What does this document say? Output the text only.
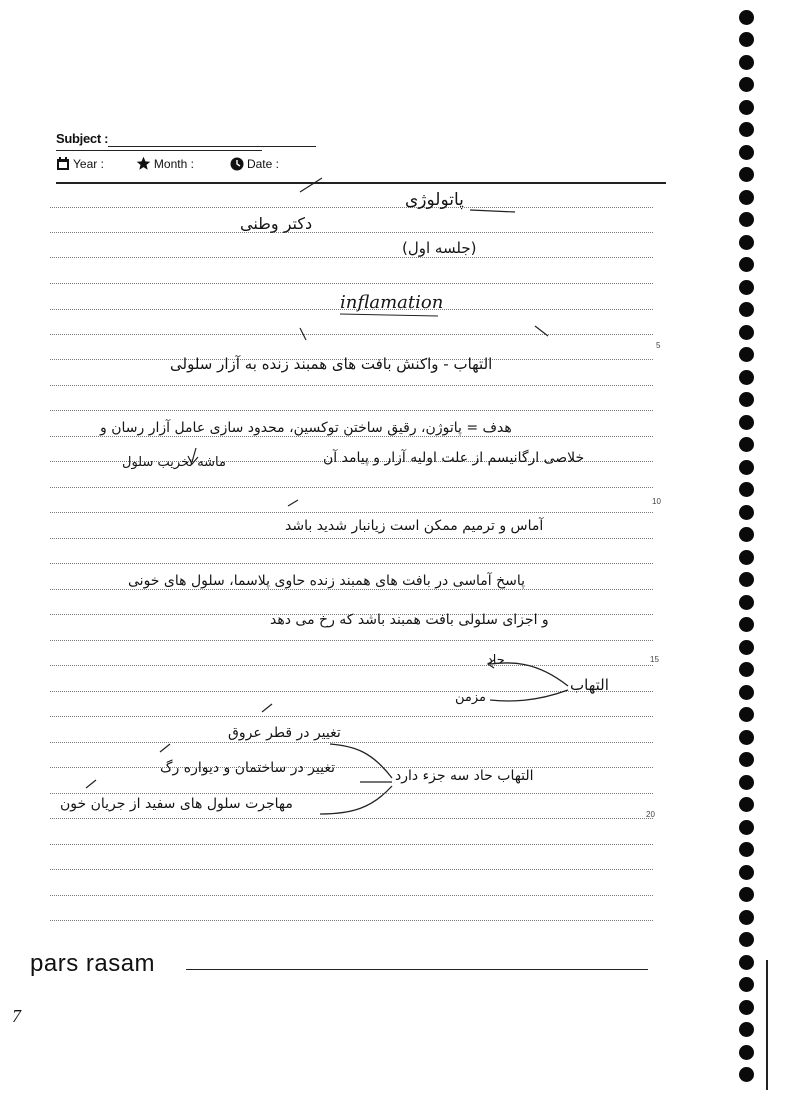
Subject :
Year :	Month :	Date :
5
10
15
20
پاتولوژی
دکتر وطنی
(جلسه اول)
inflamation
التهاب - واکنش بافت های همبند زنده به آزار سلولی
هدف = پاتوژن، رقیق ساختن توکسین، محدود سازی عامل آزار رسان و
خلاصی ارگانیسم از علت اولیه آزار و پیامد آن
ماشه تخریب سلول
آماس و ترمیم ممکن است زیانبار شدید باشد
پاسخ آماسی در بافت های همبند زنده حاوی پلاسما، سلول های خونی
و اجزای سلولی بافت همبند باشد که رخ می دهد
التهاب
حاد
مزمن
التهاب حاد سه جزء دارد
تغییر در قطر عروق
تغییر در ساختمان و دیواره رگ
مهاجرت سلول های سفید از جریان خون
pars rasam
7
